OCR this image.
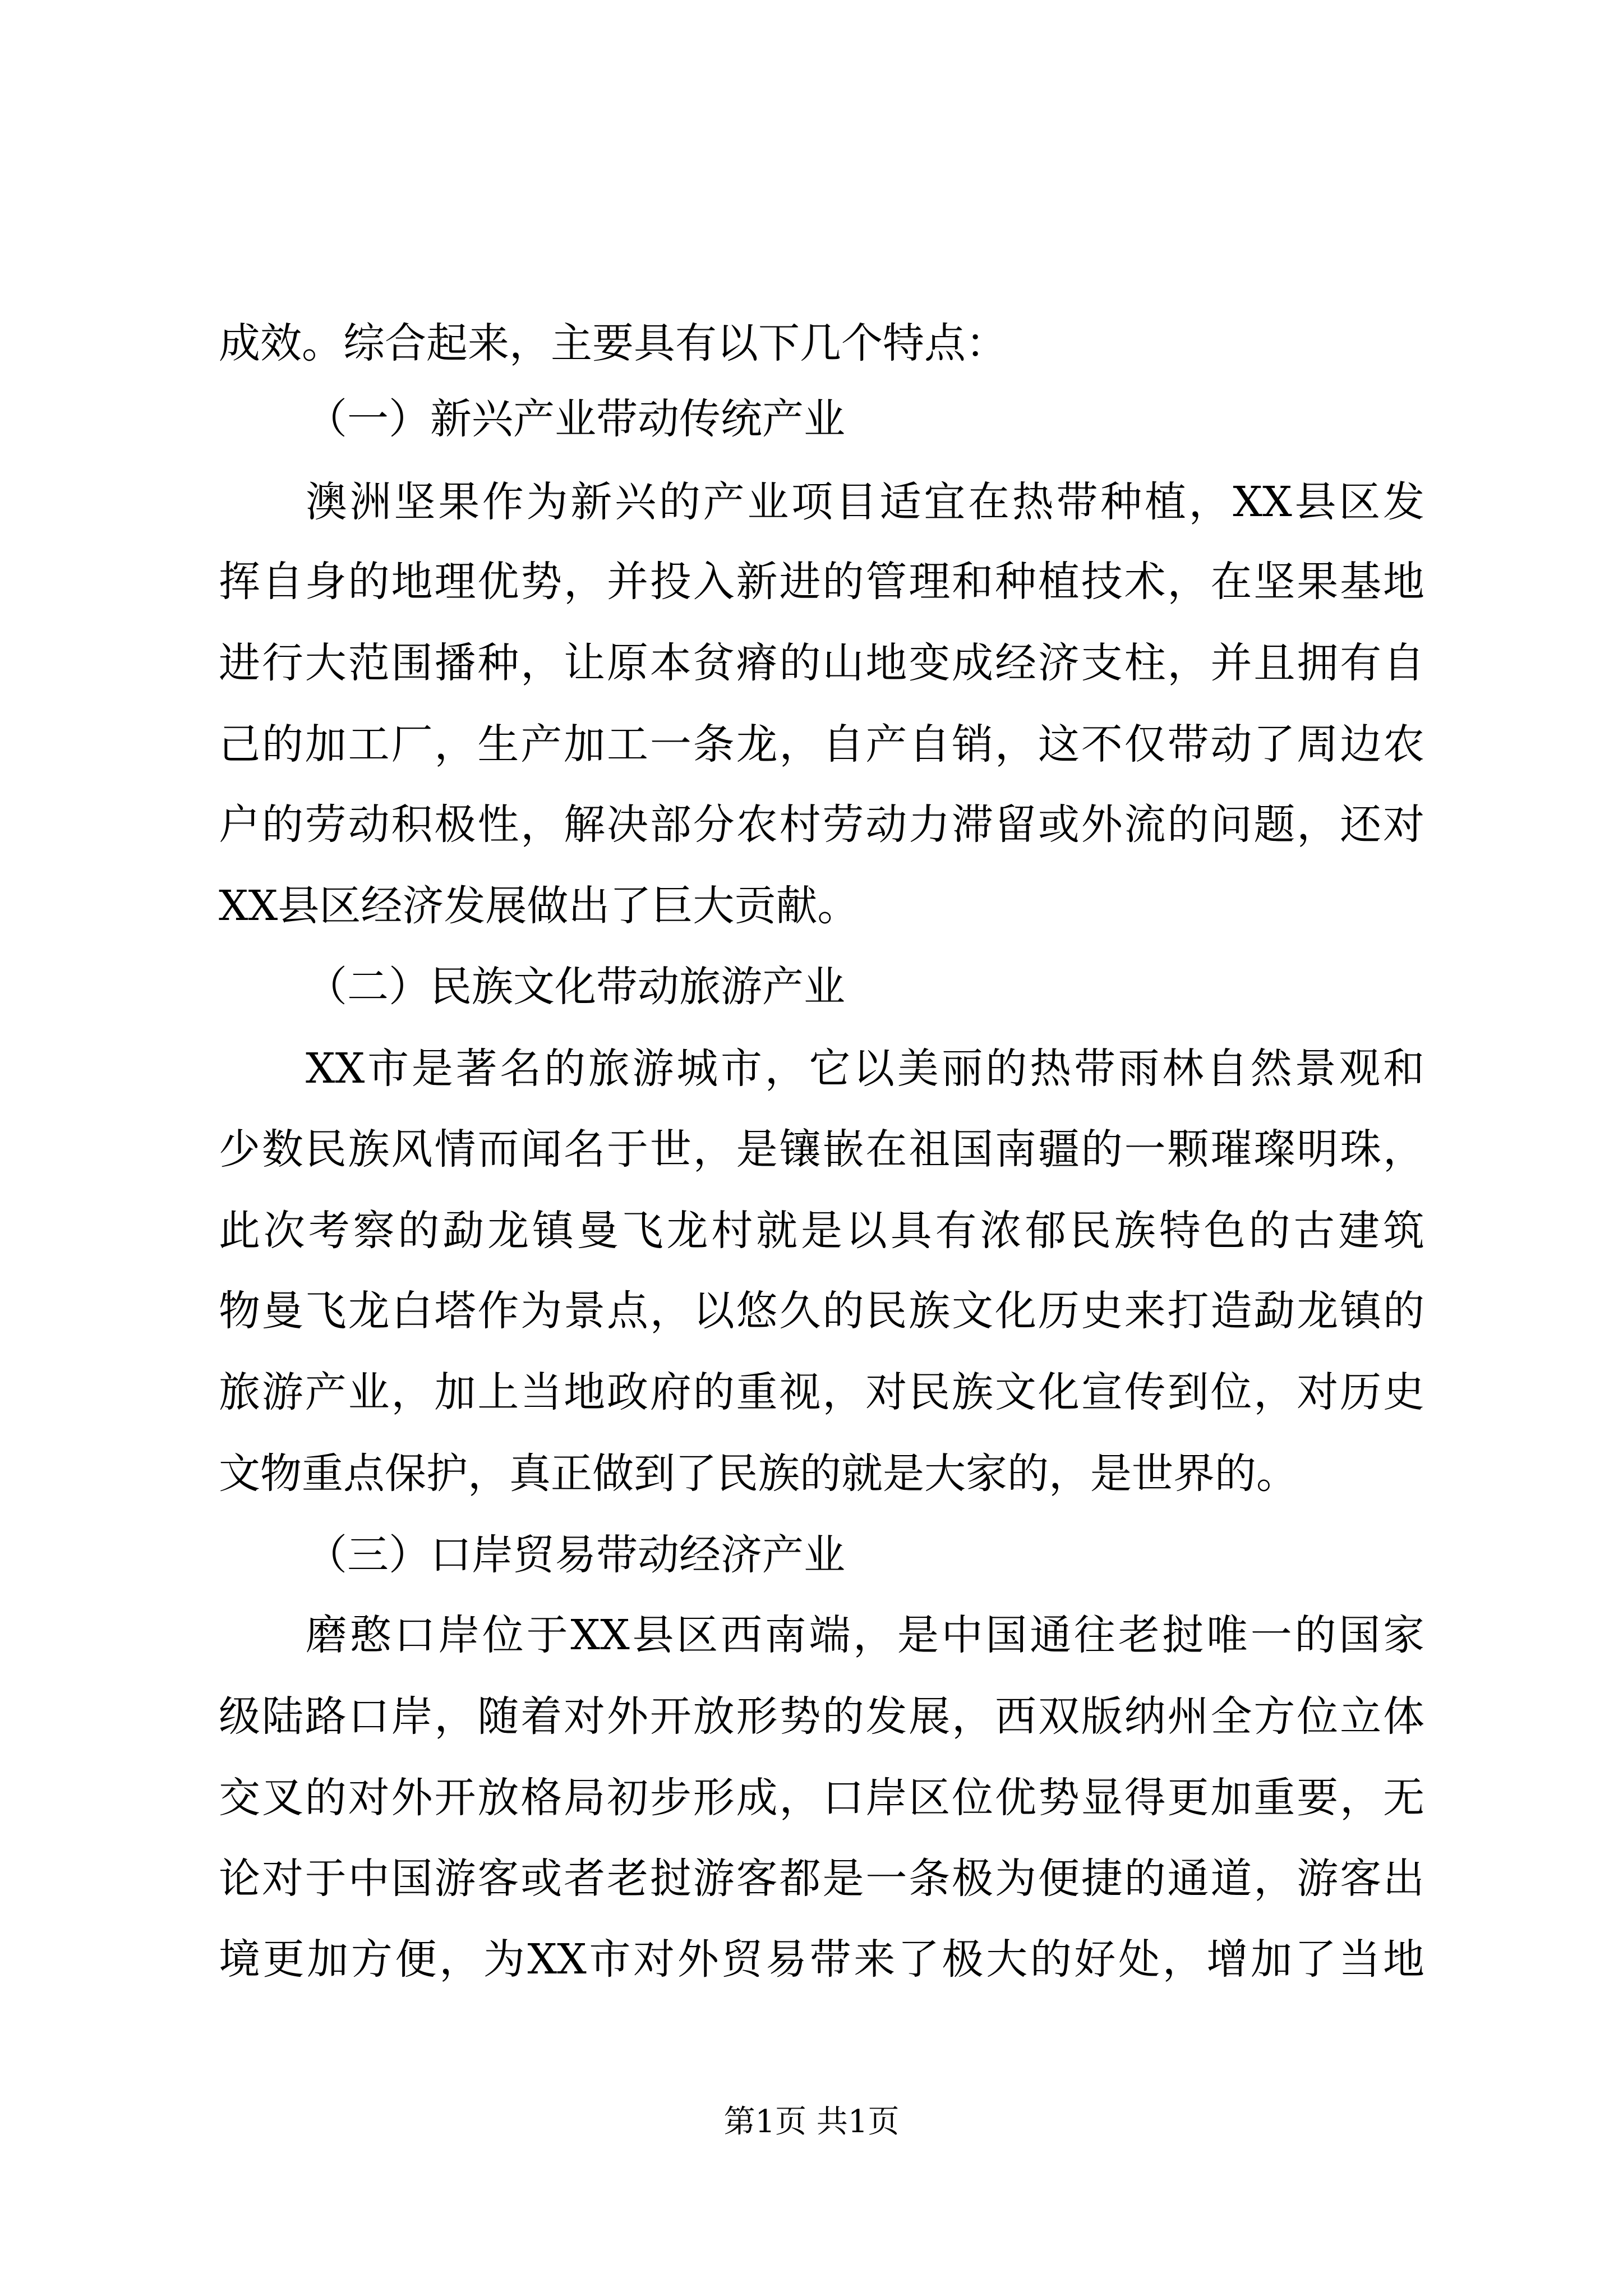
成效。综合起来，主要具有以下几个特点：

（一）新兴产业带动传统产业

澳洲坚果作为新兴的产业项目适宜在热带种植，XX县区发

挥自身的地理优势，并投入新进的管理和种植技术，在坚果基地

进行大范围播种，让原本贫瘠的山地变成经济支柱，并且拥有自

己的加工厂，生产加工一条龙，自产自销，这不仅带动了周边农

户的劳动积极性，解决部分农村劳动力滞留或外流的问题，还对

XX县区经济发展做出了巨大贡献。

（二）民族文化带动旅游产业

XX市是著名的旅游城市，它以美丽的热带雨林自然景观和

少数民族风情而闻名于世，是镶嵌在祖国南疆的一颗璀璨明珠，

此次考察的勐龙镇曼飞龙村就是以具有浓郁民族特色的古建筑

物曼飞龙白塔作为景点，以悠久的民族文化历史来打造勐龙镇的

旅游产业，加上当地政府的重视，对民族文化宣传到位，对历史

文物重点保护，真正做到了民族的就是大家的，是世界的。

（三）口岸贸易带动经济产业

磨憨口岸位于XX县区西南端，是中国通往老挝唯一的国家

级陆路口岸，随着对外开放形势的发展，西双版纳州全方位立体

交叉的对外开放格局初步形成，口岸区位优势显得更加重要，无

论对于中国游客或者老挝游客都是一条极为便捷的通道，游客出

境更加方便，为XX市对外贸易带来了极大的好处，增加了当地

第1页 共1页
